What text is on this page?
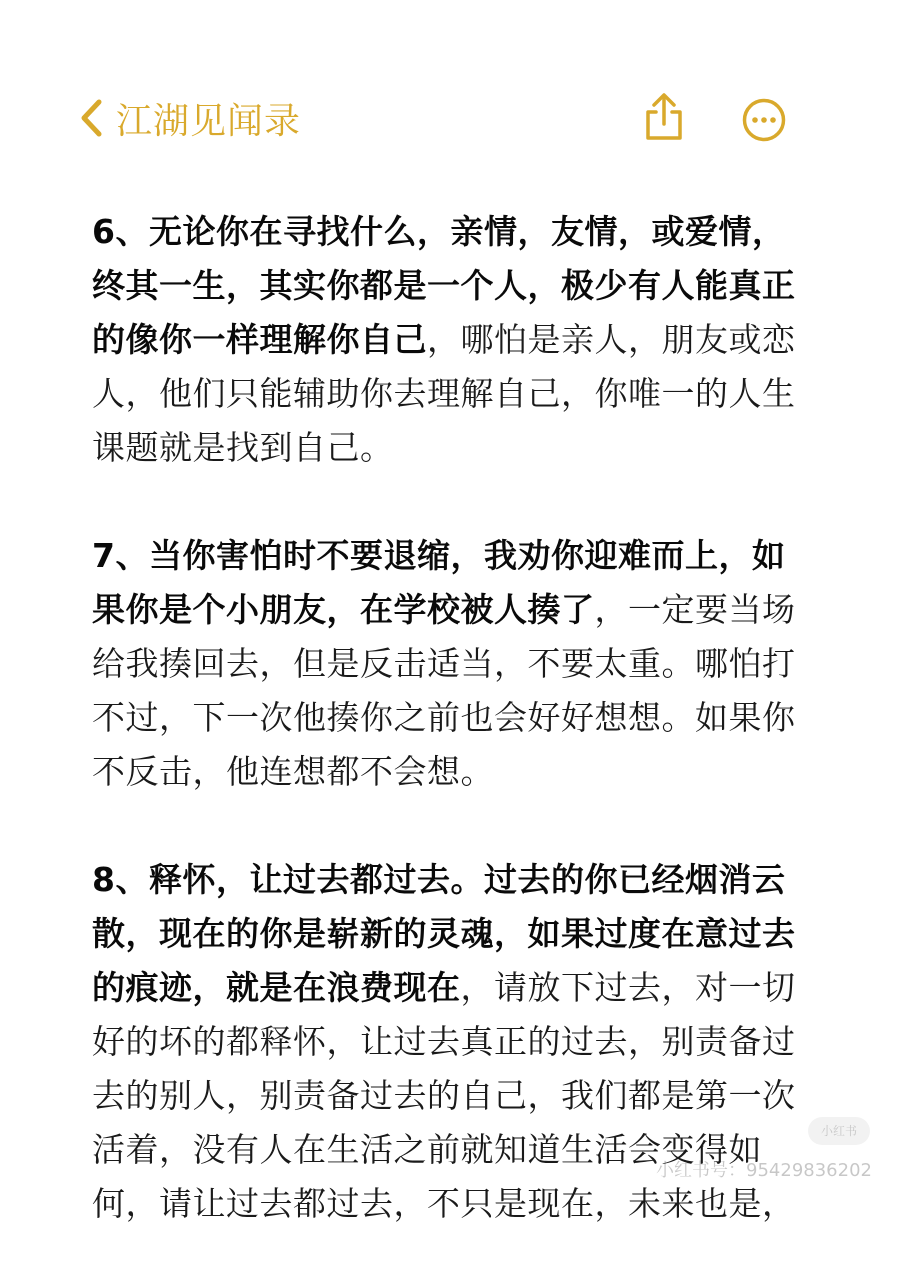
江湖见闻录

6、无论你在寻找什么，亲情，友情，或爱情，终其一生，其实你都是一个人，极少有人能真正的像你一样理解你自己，哪怕是亲人，朋友或恋人，他们只能辅助你去理解自己，你唯一的人生课题就是找到自己。

7、当你害怕时不要退缩，我劝你迎难而上，如果你是个小朋友，在学校被人揍了，一定要当场给我揍回去，但是反击适当，不要太重。哪怕打不过，下一次他揍你之前也会好好想想。如果你不反击，他连想都不会想。

8、释怀，让过去都过去。过去的你已经烟消云散，现在的你是崭新的灵魂，如果过度在意过去的痕迹，就是在浪费现在，请放下过去，对一切好的坏的都释怀，让过去真正的过去，别责备过去的别人，别责备过去的自己，我们都是第一次活着，没有人在生活之前就知道生活会变得如何，请让过去都过去，不只是现在，未来也是，

小红书
小红书号：95429836202
